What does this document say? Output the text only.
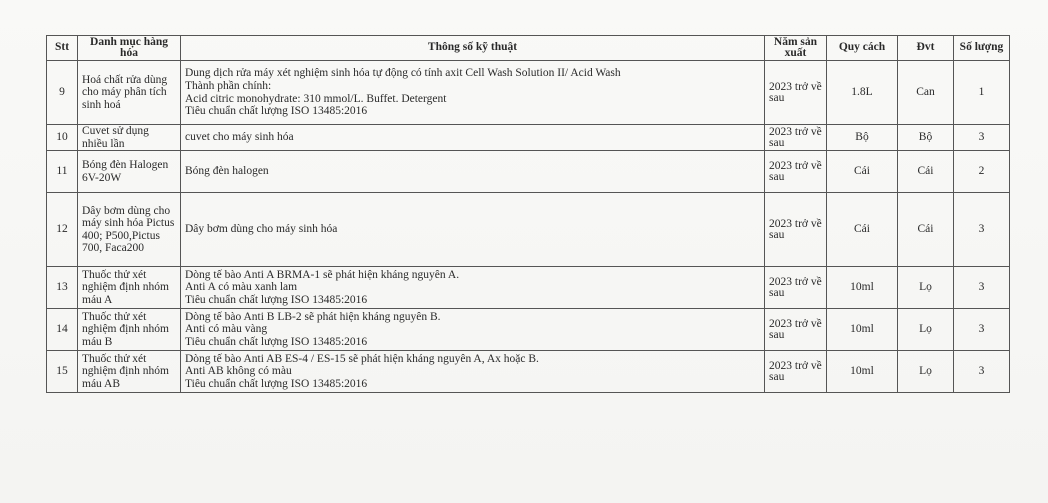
Stt	Danh mục hàng hóa	Thông số kỹ thuật	Năm sản xuất	Quy cách	Đvt	Số lượng
9	Hoá chất rửa dùng cho máy phân tích sinh hoá	Dung dịch rửa máy xét nghiệm sinh hóa tự động có tính axit Cell Wash Solution II/ Acid Wash
Thành phần chính:
Acid citric monohydrate: 310 mmol/L. Buffet. Detergent
Tiêu chuẩn chất lượng ISO 13485:2016	2023 trở về sau	1.8L	Can	1
10	Cuvet sử dụng nhiều lần	cuvet cho máy sinh hóa	2023 trở về sau	Bộ	Bộ	3
11	Bóng đèn Halogen 6V-20W	Bóng đèn halogen	2023 trở về sau	Cái	Cái	2
12	Dây bơm dùng cho máy sinh hóa Pictus 400; P500,Pictus 700, Faca200	Dây bơm dùng cho máy sinh hóa	2023 trở về sau	Cái	Cái	3
13	Thuốc thử xét nghiệm định nhóm máu A	Dòng tế bào Anti A BRMA-1 sẽ phát hiện kháng nguyên A.
Anti A có màu xanh lam
Tiêu chuẩn chất lượng ISO 13485:2016	2023 trở về sau	10ml	Lọ	3
14	Thuốc thử xét nghiệm định nhóm máu B	Dòng tế bào Anti B LB-2 sẽ phát hiện kháng nguyên B.
Anti có màu vàng
Tiêu chuẩn chất lượng ISO 13485:2016	2023 trở về sau	10ml	Lọ	3
15	Thuốc thử xét nghiệm định nhóm máu AB	Dòng tế bào Anti AB ES-4 / ES-15 sẽ phát hiện kháng nguyên A, Ax hoặc B.
Anti AB không có màu
Tiêu chuẩn chất lượng ISO 13485:2016	2023 trở về sau	10ml	Lọ	3
